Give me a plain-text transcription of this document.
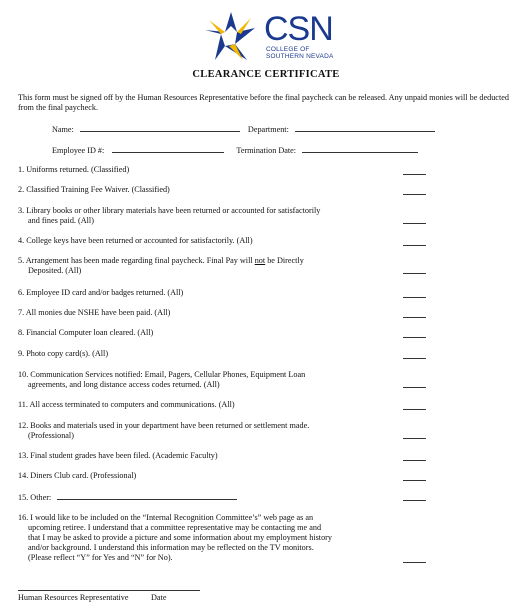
CSN
COLLEGE OF
SOUTHERN NEVADA
CLEARANCE CERTIFICATE
This form must be signed off by the Human Resources Representative before the final paycheck can be released. Any unpaid monies will be deducted from the final paycheck.
Name:	Department:
Employee ID #:	Termination Date:
1. Uniforms returned. (Classified)
2. Classified Training Fee Waiver. (Classified)
3. Library books or other library materials have been returned or accounted for satisfactorily
and fines paid. (All)
4. College keys have been returned or accounted for satisfactorily. (All)
5. Arrangement has been made regarding final paycheck. Final Pay will not be Directly
Deposited. (All)
6. Employee ID card and/or badges returned. (All)
7. All monies due NSHE have been paid. (All)
8. Financial Computer loan cleared. (All)
9. Photo copy card(s). (All)
10. Communication Services notified: Email, Pagers, Cellular Phones, Equipment Loan
agreements, and long distance access codes returned. (All)
11. All access terminated to computers and communications. (All)
12. Books and materials used in your department have been returned or settlement made.
(Professional)
13. Final student grades have been filed. (Academic Faculty)
14. Diners Club card. (Professional)
15. Other:
16. I would like to be included on the “Internal Recognition Committee’s” web page as an
upcoming retiree. I understand that a committee representative may be contacting me and
that I may be asked to provide a picture and some information about my employment history
and/or background. I understand this information may be reflected on the TV monitors.
(Please reflect “Y” for Yes and “N” for No).
Human Resources Representative	Date
